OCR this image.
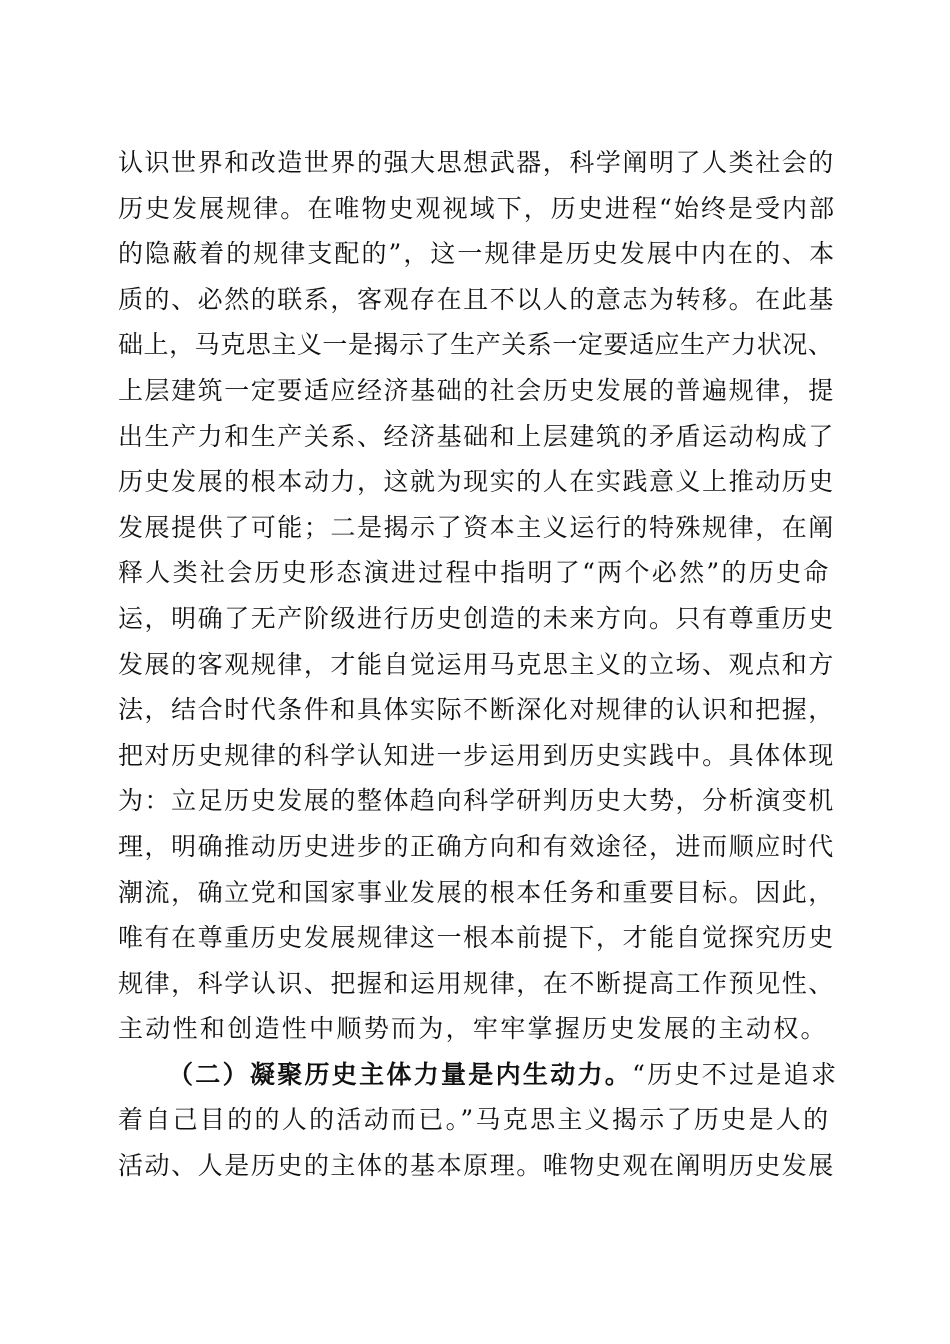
认识世界和改造世界的强大思想武器，科学阐明了人类社会的
历史发展规律。在唯物史观视域下，历史进程“始终是受内部
的隐蔽着的规律支配的”，这一规律是历史发展中内在的、本
质的、必然的联系，客观存在且不以人的意志为转移。在此基
础上，马克思主义一是揭示了生产关系一定要适应生产力状况、
上层建筑一定要适应经济基础的社会历史发展的普遍规律，提
出生产力和生产关系、经济基础和上层建筑的矛盾运动构成了
历史发展的根本动力，这就为现实的人在实践意义上推动历史
发展提供了可能；二是揭示了资本主义运行的特殊规律，在阐
释人类社会历史形态演进过程中指明了“两个必然”的历史命
运，明确了无产阶级进行历史创造的未来方向。只有尊重历史
发展的客观规律，才能自觉运用马克思主义的立场、观点和方
法，结合时代条件和具体实际不断深化对规律的认识和把握，
把对历史规律的科学认知进一步运用到历史实践中。具体体现
为：立足历史发展的整体趋向科学研判历史大势，分析演变机
理，明确推动历史进步的正确方向和有效途径，进而顺应时代
潮流，确立党和国家事业发展的根本任务和重要目标。因此，
唯有在尊重历史发展规律这一根本前提下，才能自觉探究历史
规律，科学认识、把握和运用规律，在不断提高工作预见性、
主动性和创造性中顺势而为，牢牢掌握历史发展的主动权。
（二）凝聚历史主体力量是内生动力。“历史不过是追求
着自己目的的人的活动而已。”马克思主义揭示了历史是人的
活动、人是历史的主体的基本原理。唯物史观在阐明历史发展
